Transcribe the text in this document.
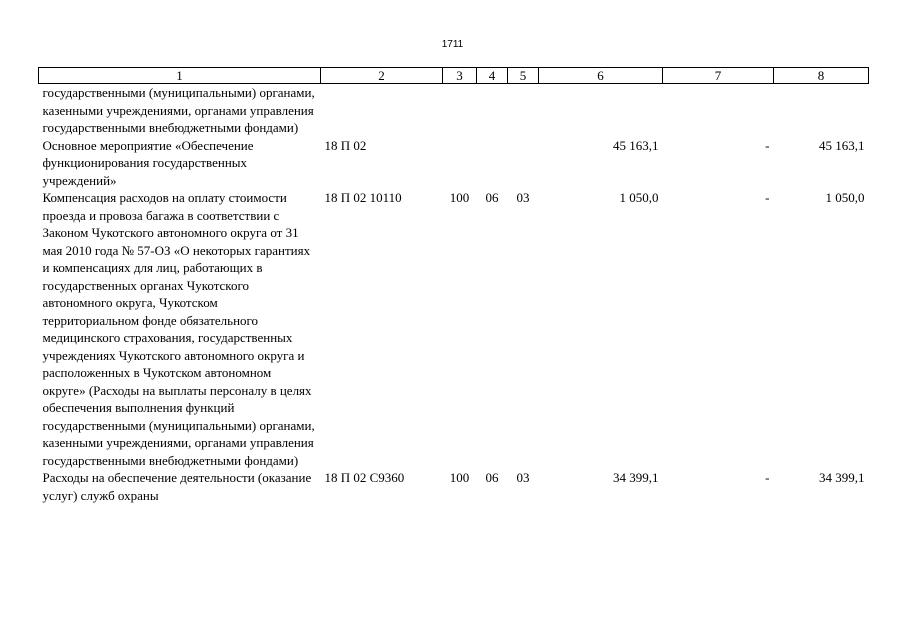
1711
1	2	3	4	5	6	7	8
государственными (муниципальными) органами, казенными учреждениями, органами управления государственными внебюджетными фондами)							
Основное мероприятие «Обеспечение функционирования государственных учреждений»	18 П 02				45 163,1	-	45 163,1
Компенсация расходов на оплату стоимости проезда и провоза багажа в соответствии с Законом Чукотского автономного округа от 31 мая 2010 года № 57-ОЗ «О некоторых гарантиях и компенсациях для лиц, работающих в государственных органах Чукотского автономного округа, Чукотском территориальном фонде обязательного медицинского страхования, государственных учреждениях Чукотского автономного округа и расположенных в Чукотском автономном округе» (Расходы на выплаты персоналу в целях обеспечения выполнения функций государственными (муниципальными) органами, казенными учреждениями, органами управления государственными внебюджетными фондами)	18 П 02 10110	100	06	03	1 050,0	-	1 050,0
Расходы на обеспечение деятельности (оказание услуг) служб охраны	18 П 02 С9360	100	06	03	34 399,1	-	34 399,1
